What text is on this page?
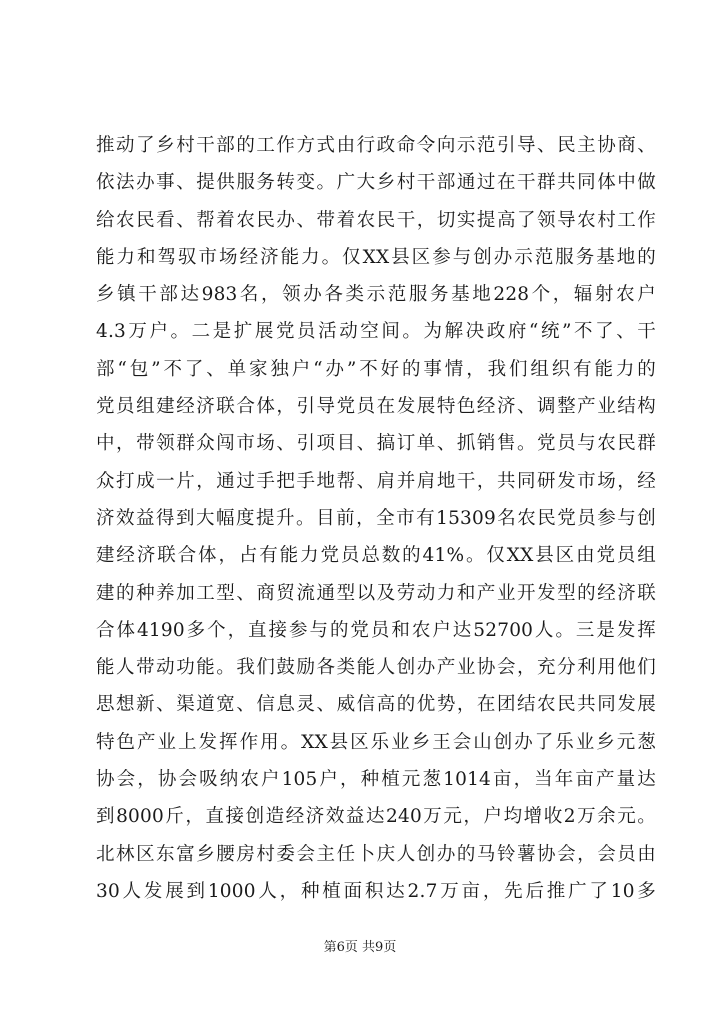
推动了乡村干部的工作方式由行政命令向示范引导、民主协商、
依法办事、提供服务转变。广大乡村干部通过在干群共同体中做
给农民看、帮着农民办、带着农民干，切实提高了领导农村工作
能力和驾驭市场经济能力。仅XX县区参与创办示范服务基地的
乡镇干部达983名，领办各类示范服务基地228个，辐射农户
4.3万户。二是扩展党员活动空间。为解决政府“统”不了、干
部“包”不了、单家独户“办”不好的事情，我们组织有能力的
党员组建经济联合体，引导党员在发展特色经济、调整产业结构
中，带领群众闯市场、引项目、搞订单、抓销售。党员与农民群
众打成一片，通过手把手地帮、肩并肩地干，共同研发市场，经
济效益得到大幅度提升。目前，全市有15309名农民党员参与创
建经济联合体，占有能力党员总数的41%。仅XX县区由党员组
建的种养加工型、商贸流通型以及劳动力和产业开发型的经济联
合体4190多个，直接参与的党员和农户达52700人。三是发挥
能人带动功能。我们鼓励各类能人创办产业协会，充分利用他们
思想新、渠道宽、信息灵、威信高的优势，在团结农民共同发展
特色产业上发挥作用。XX县区乐业乡王会山创办了乐业乡元葱
协会，协会吸纳农户105户，种植元葱1014亩，当年亩产量达
到8000斤，直接创造经济效益达240万元，户均增收2万余元。
北林区东富乡腰房村委会主任卜庆人创办的马铃薯协会，会员由
30人发展到1000人，种植面积达2.7万亩，先后推广了10多
第6页 共9页
